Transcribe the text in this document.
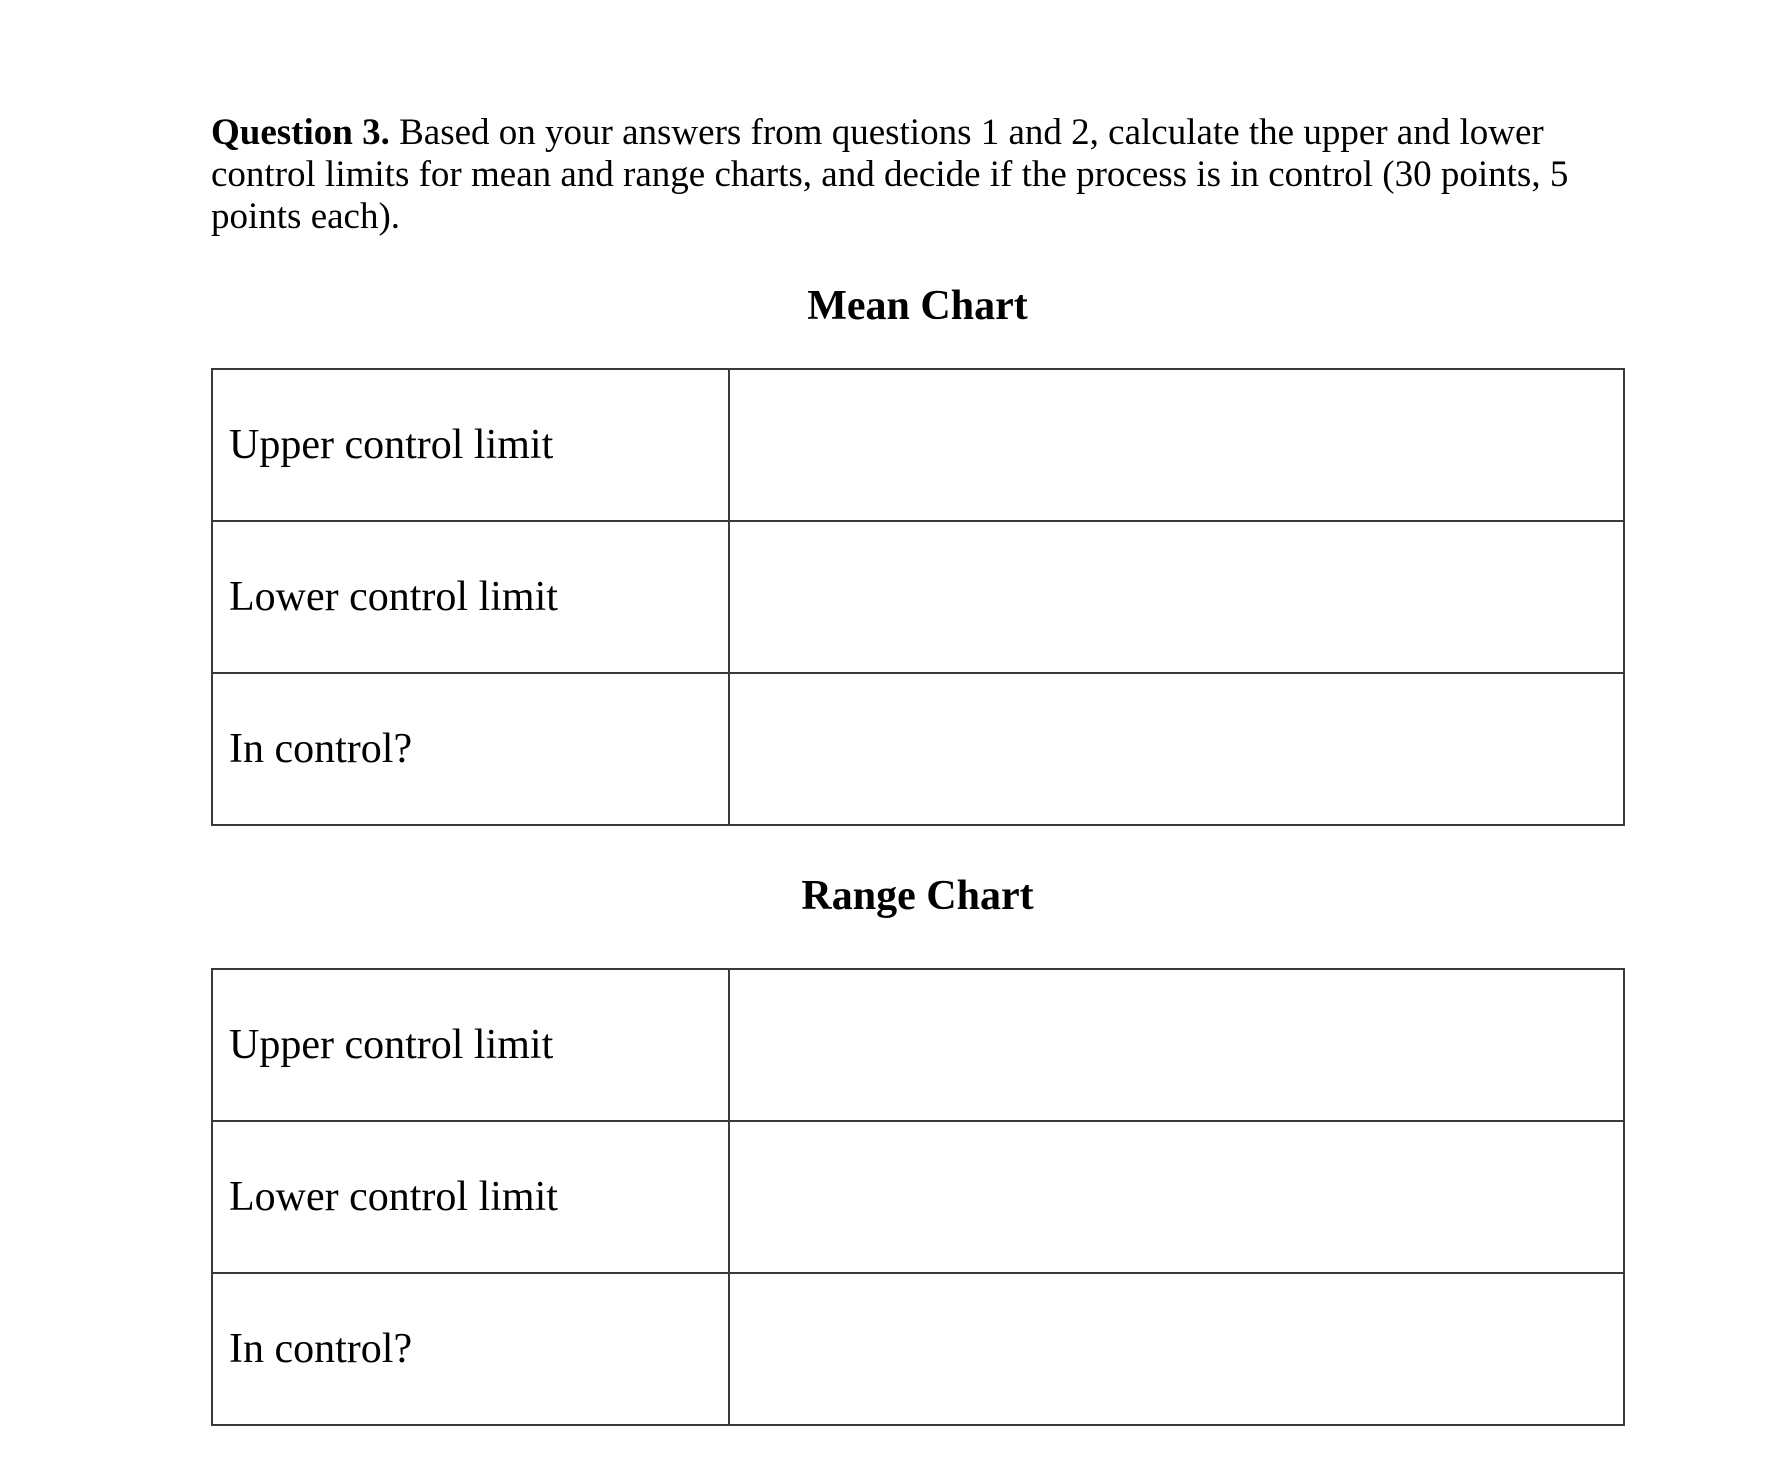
Question 3. Based on your answers from questions 1 and 2, calculate the upper and lower control limits for mean and range charts, and decide if the process is in control (30 points, 5 points each).

Mean Chart
Upper control limit	
Lower control limit	
In control?	
Range Chart
Upper control limit	
Lower control limit	
In control?	
